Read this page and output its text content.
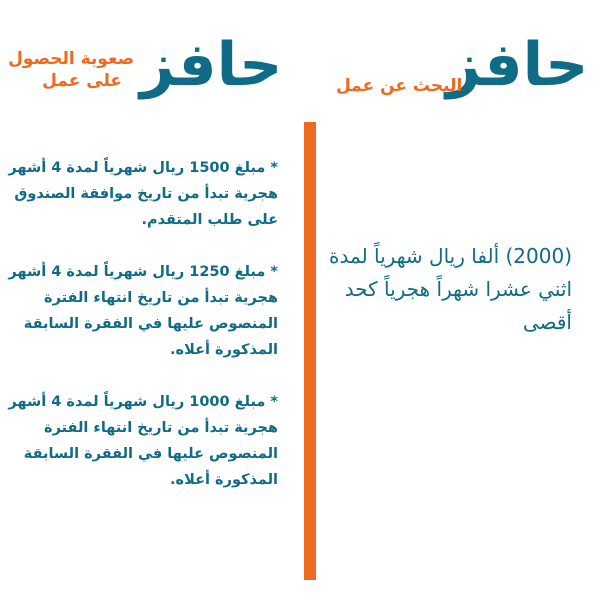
حافز
صعوبة الحصول
على عمل
* مبلغ 1500 ريال شهرياً لمدة 4 أشهر هجرية تبدأ من تاريخ موافقة الصندوق على طلب المتقدم.
* مبلغ 1250 ريال شهرياً لمدة 4 أشهر هجرية تبدأ من تاريخ انتهاء الفترة المنصوص عليها في الفقرة السابقة المذكورة أعلاه.
* مبلغ 1000 ريال شهرياً لمدة 4 أشهر هجرية تبدأ من تاريخ انتهاء الفترة المنصوص عليها في الفقرة السابقة المذكورة أعلاه.
حافز
البحث عن عمل
(2000) ألفا ريال شهرياً لمدة اثني عشرا شهراً هجرياً كحد أقصى
